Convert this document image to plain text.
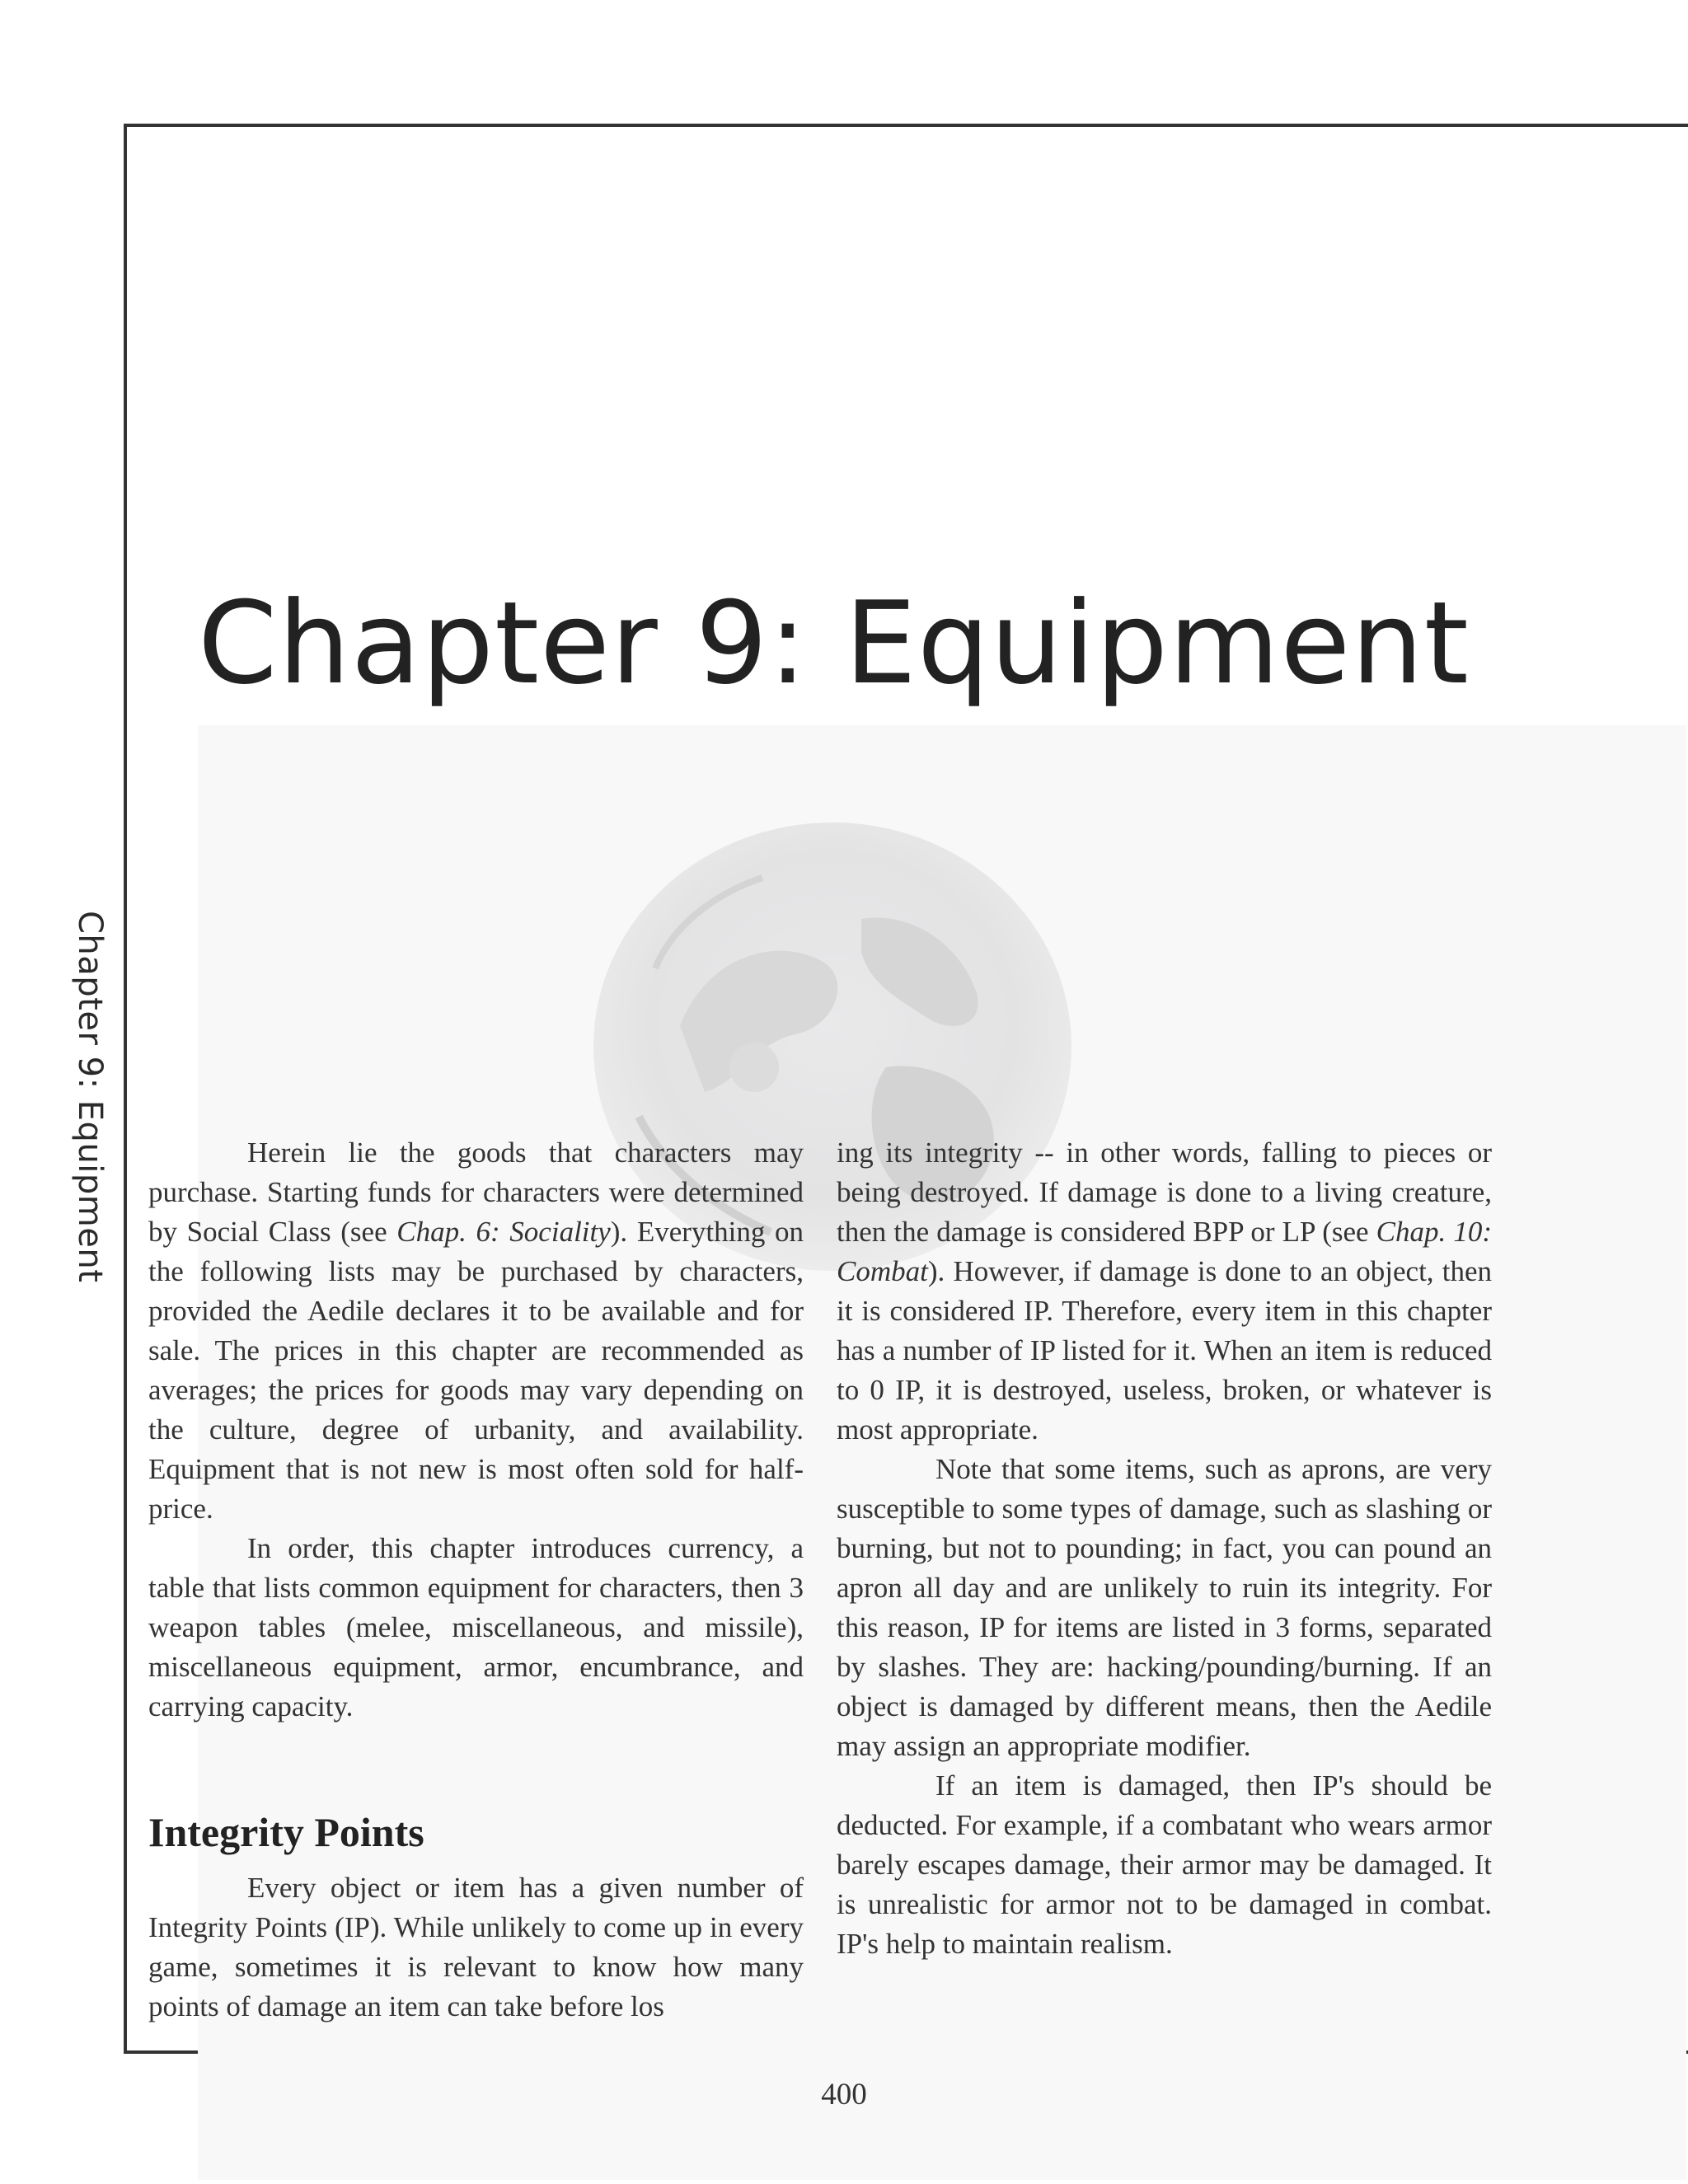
Chapter 9: Equipment
Chapter 9: Equipment

Herein lie the goods that characters may purchase. Starting funds for characters were determined by Social Class (see Chap. 6: Sociality). Everything on the following lists may be purchased by characters, provided the Aedile declares it to be available and for sale. The prices in this chapter are recommended as averages; the prices for goods may vary depending on the culture, degree of urbanity, and availability. Equipment that is not new is most often sold for half-price.

In order, this chapter introduces currency, a table that lists common equipment for characters, then 3 weapon tables (melee, miscellaneous, and missile), miscellaneous equipment, armor, encumbrance, and carrying capacity.

Integrity Points

Every object or item has a given number of Integrity Points (IP). While unlikely to come up in every game, sometimes it is relevant to know how many points of damage an item can take before los

ing its integrity -- in other words, falling to pieces or being destroyed. If damage is done to a living creature, then the damage is considered BPP or LP (see Chap. 10: Combat). However, if damage is done to an object, then it is considered IP. Therefore, every item in this chapter has a number of IP listed for it. When an item is reduced to 0 IP, it is destroyed, useless, broken, or whatever is most appropriate.

Note that some items, such as aprons, are very susceptible to some types of damage, such as slashing or burning, but not to pounding; in fact, you can pound an apron all day and are unlikely to ruin its integrity. For this reason, IP for items are listed in 3 forms, separated by slashes. They are: hacking/pounding/burning. If an object is damaged by different means, then the Aedile may assign an appropriate modifier.

If an item is damaged, then IP's should be deducted. For example, if a combatant who wears armor barely escapes damage, their armor may be damaged. It is unrealistic for armor not to be damaged in combat. IP's help to maintain realism.

400
